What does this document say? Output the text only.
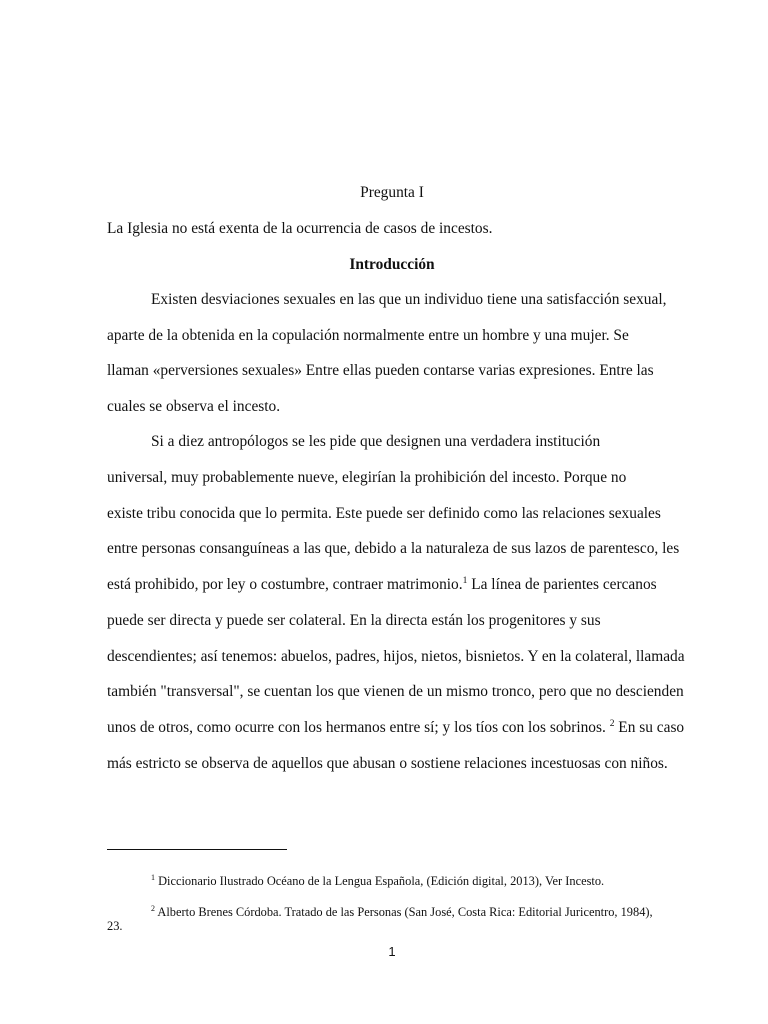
Pregunta I
La Iglesia no está exenta de la ocurrencia de casos de incestos.
Introducción
Existen desviaciones sexuales en las que un individuo tiene una satisfacción sexual,
aparte de la obtenida en la copulación normalmente entre un hombre y una mujer. Se
llaman «perversiones sexuales» Entre ellas pueden contarse varias expresiones. Entre las
cuales se observa el incesto.
Si a diez antropólogos se les pide que designen una verdadera institución
universal, muy probablemente nueve, elegirían la prohibición del incesto. Porque no
existe tribu conocida que lo permita. Este puede ser definido como las relaciones sexuales
entre personas consanguíneas a las que, debido a la naturaleza de sus lazos de parentesco, les
está prohibido, por ley o costumbre, contraer matrimonio.$^1$ La línea de parientes cercanos
puede ser directa y puede ser colateral. En la directa están los progenitores y sus
descendientes; así tenemos: abuelos, padres, hijos, nietos, bisnietos. Y en la colateral, llamada
también "transversal", se cuentan los que vienen de un mismo tronco, pero que no descienden
unos de otros, como ocurre con los hermanos entre sí; y los tíos con los sobrinos. $^2$ En su caso
más estricto se observa de aquellos que abusan o sostiene relaciones incestuosas con niños.
$^1$ Diccionario Ilustrado Océano de la Lengua Española, (Edición digital, 2013), Ver Incesto.
$^2$ Alberto Brenes Córdoba. Tratado de las Personas (San José, Costa Rica: Editorial Juricentro, 1984),
23.
1
